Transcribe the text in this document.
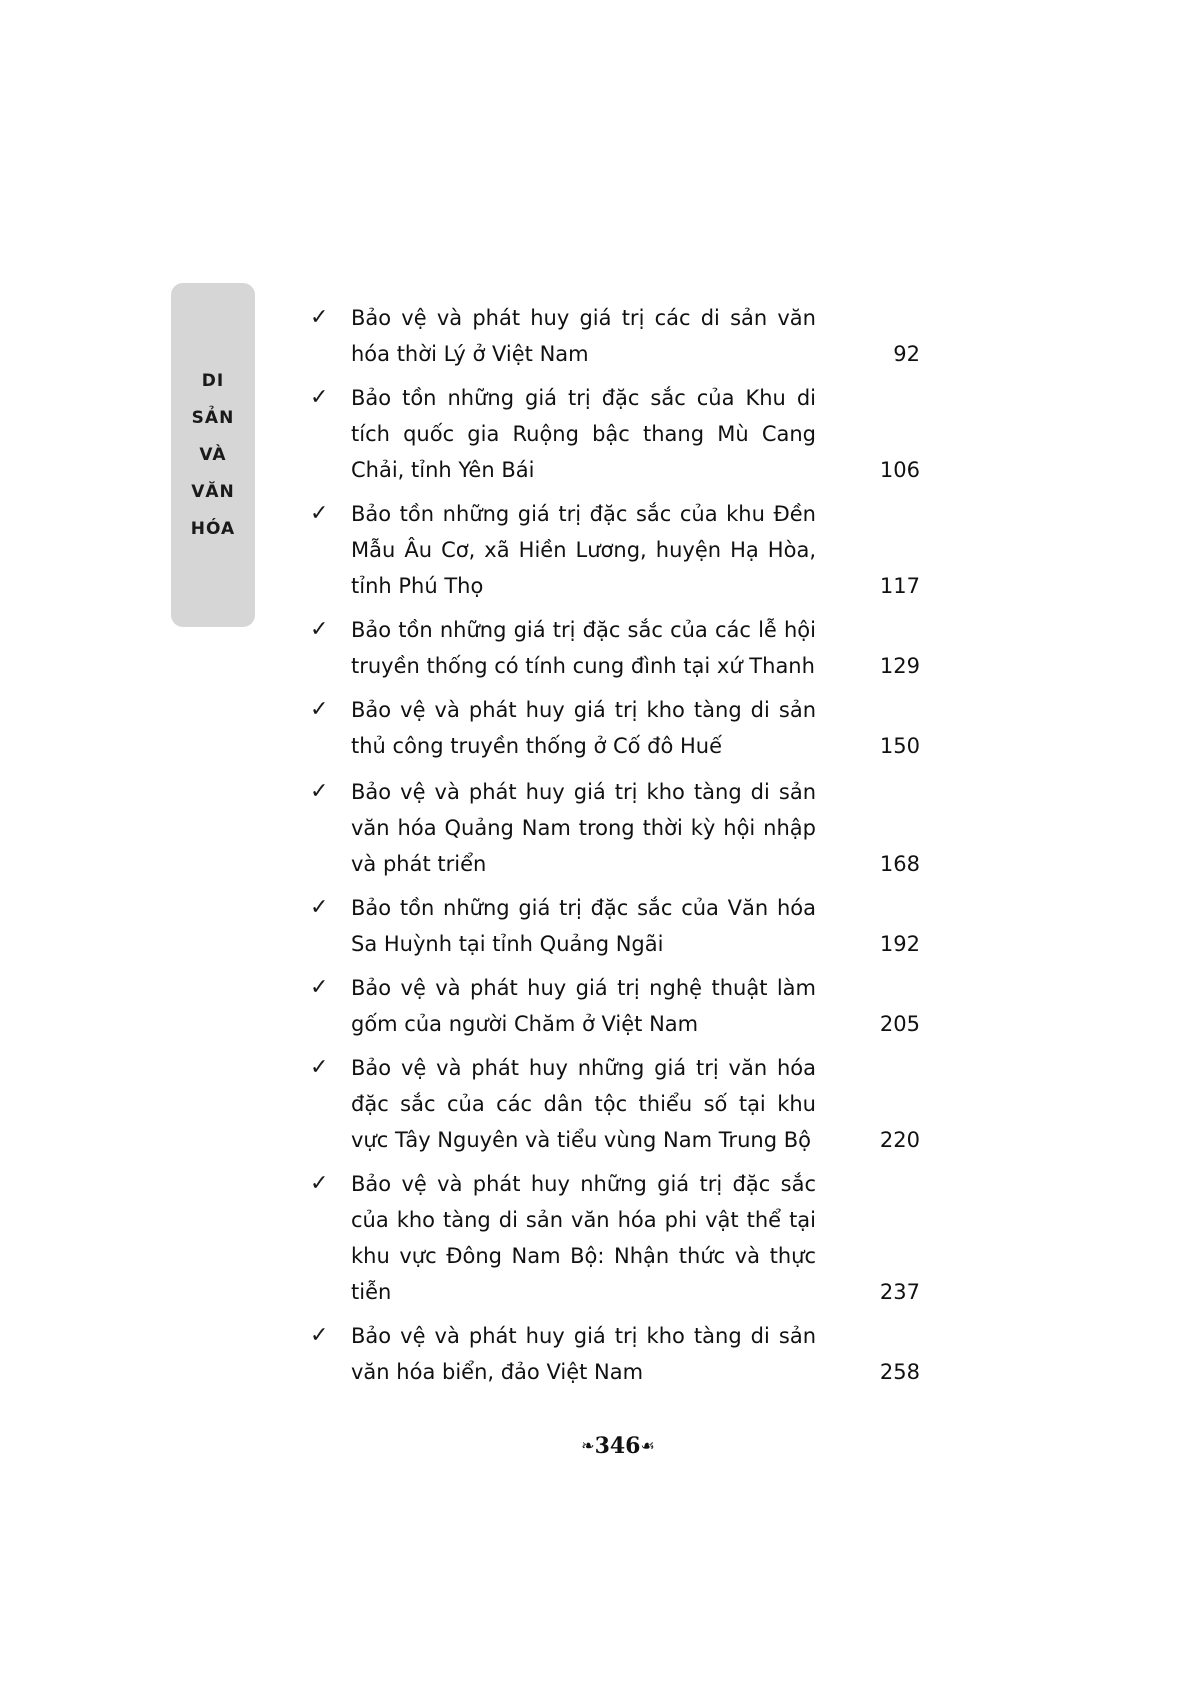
DI
SẢN
VÀ
VĂN
HÓA
✓	Bảo vệ và phát huy giá trị các di sản văn hóa thời Lý ở Việt Nam	92
✓	Bảo tồn những giá trị đặc sắc của Khu di tích quốc gia Ruộng bậc thang Mù Cang Chải, tỉnh Yên Bái	106
✓	Bảo tồn những giá trị đặc sắc của khu Đền Mẫu Âu Cơ, xã Hiền Lương, huyện Hạ Hòa, tỉnh Phú Thọ	117
✓	Bảo tồn những giá trị đặc sắc của các lễ hội truyền thống có tính cung đình tại xứ Thanh	129
✓	Bảo vệ và phát huy giá trị kho tàng di sản thủ công truyền thống ở Cố đô Huế	150
✓	Bảo vệ và phát huy giá trị kho tàng di sản văn hóa Quảng Nam trong thời kỳ hội nhập và phát triển	168
✓	Bảo tồn những giá trị đặc sắc của Văn hóa Sa Huỳnh tại tỉnh Quảng Ngãi	192
✓	Bảo vệ và phát huy giá trị nghệ thuật làm gốm của người Chăm ở Việt Nam	205
✓	Bảo vệ và phát huy những giá trị văn hóa đặc sắc của các dân tộc thiểu số tại khu vực Tây Nguyên và tiểu vùng Nam Trung Bộ	220
✓	Bảo vệ và phát huy những giá trị đặc sắc của kho tàng di sản văn hóa phi vật thể tại khu vực Đông Nam Bộ: Nhận thức và thực tiễn	237
✓	Bảo vệ và phát huy giá trị kho tàng di sản văn hóa biển, đảo Việt Nam	258
❧346☙
